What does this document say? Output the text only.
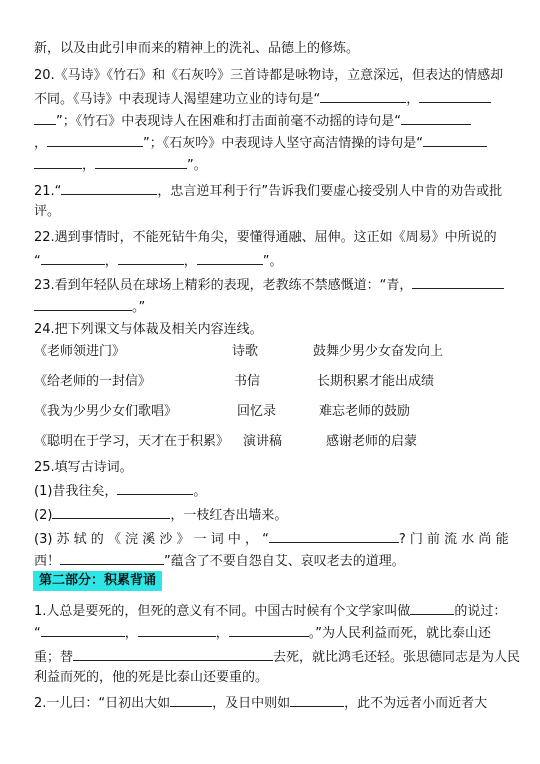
新，以及由此引申而来的精神上的洗礼、品德上的修炼。
20.《马诗》《竹石》和《石灰吟》三首诗都是咏物诗，立意深远，但表达的情感却
不同。《马诗》中表现诗人渴望建功立业的诗句是“	，
”；《竹石》中表现诗人在困难和打击面前毫不动摇的诗句是“
，	”；《石灰吟》中表现诗人坚守高洁情操的诗句是“
，	”。
21.“	，忠言逆耳利于行”告诉我们要虚心接受别人中肯的劝告或批
评。
22.遇到事情时，不能死钻牛角尖，要懂得通融、屈伸。这正如《周易》中所说的
“	，	，	”。
23.看到年轻队员在球场上精彩的表现，老教练不禁感慨道：“青，
。”
24.把下列课文与体裁及相关内容连线。
《老师领进门》	诗歌	鼓舞少男少女奋发向上
《给老师的一封信》	书信	长期积累才能出成绩
《我为少男少女们歌唱》	回忆录	难忘老师的鼓励
《聪明在于学习，天才在于积累》 演讲稿	感谢老师的启蒙
25.填写古诗词。
(1)昔我往矣，	。
(2)	，一枝红杏出墙来。
(3) 苏 轼 的 《 浣 溪 沙 》 一 词 中 ， “	? 门 前 流 水 尚 能
西！	”蕴含了不要自怨自艾、哀叹老去的道理。
第二部分：积累背诵
1.人总是要死的，但死的意义有不同。中国古时候有个文学家叫做	的说过：
“	，	，	。”为人民利益而死，就比泰山还
重；替	去死，就比鸿毛还轻。张思德同志是为人民
利益而死的，他的死是比泰山还要重的。
2.一儿曰：“日初出大如	，及日中则如	，此不为远者小而近者大
